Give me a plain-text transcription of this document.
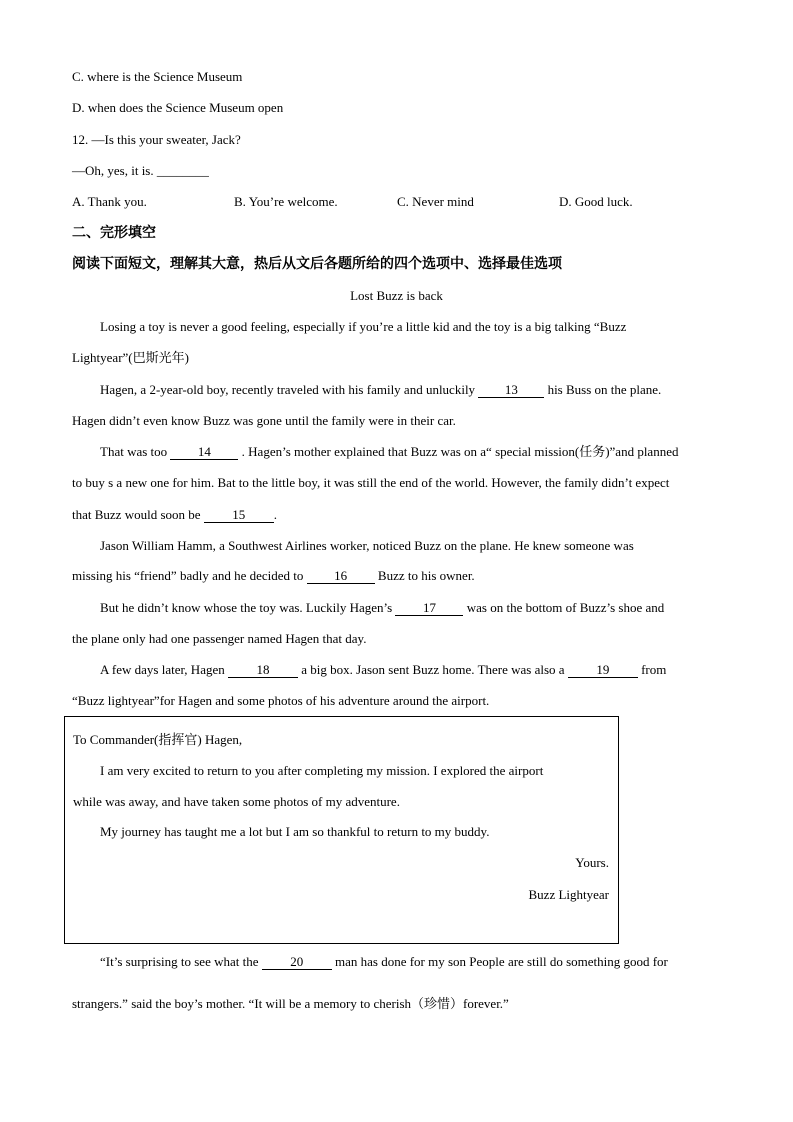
C. where is the Science Museum
D. when does the Science Museum open
12. —Is this your sweater, Jack?
—Oh, yes, it is. ________
A. Thank you.	B. You’re welcome.	C. Never mind	D. Good luck.
二、完形填空
阅读下面短文，理解其大意，热后从文后各题所给的四个选项中、选择最佳选项
Lost Buzz is back
Losing a toy is never a good feeling, especially if you’re a little kid and the toy is a big talking “Buzz
Lightyear”(巴斯光年)
Hagen, a 2-year-old boy, recently traveled with his family and unluckily 13 his Buss on the plane.
Hagen didn’t even know Buzz was gone until the family were in their car.
That was too 14 . Hagen’s mother explained that Buzz was on a“ special mission(任务)”and planned
to buy s a new one for him. Bat to the little boy, it was still the end of the world. However, the family didn’t expect
that Buzz would soon be 15 .
Jason William Hamm, a Southwest Airlines worker, noticed Buzz on the plane. He knew someone was
missing his “friend” badly and he decided to 16 Buzz to his owner.
But he didn’t know whose the toy was. Luckily Hagen’s 17 was on the bottom of Buzz’s shoe and
the plane only had one passenger named Hagen that day.
A few days later, Hagen 18 a big box. Jason sent Buzz home. There was also a 19 from
“Buzz lightyear”for Hagen and some photos of his adventure around the airport.
To Commander(指挥官) Hagen,
I am very excited to return to you after completing my mission. I explored the airport
while was away, and have taken some photos of my adventure.
My journey has taught me a lot but I am so thankful to return to my buddy.
Yours.
Buzz Lightyear
“It’s surprising to see what the 20 man has done for my son People are still do something good for
strangers.” said the boy’s mother. “It will be a memory to cherish（珍惜）forever.”
